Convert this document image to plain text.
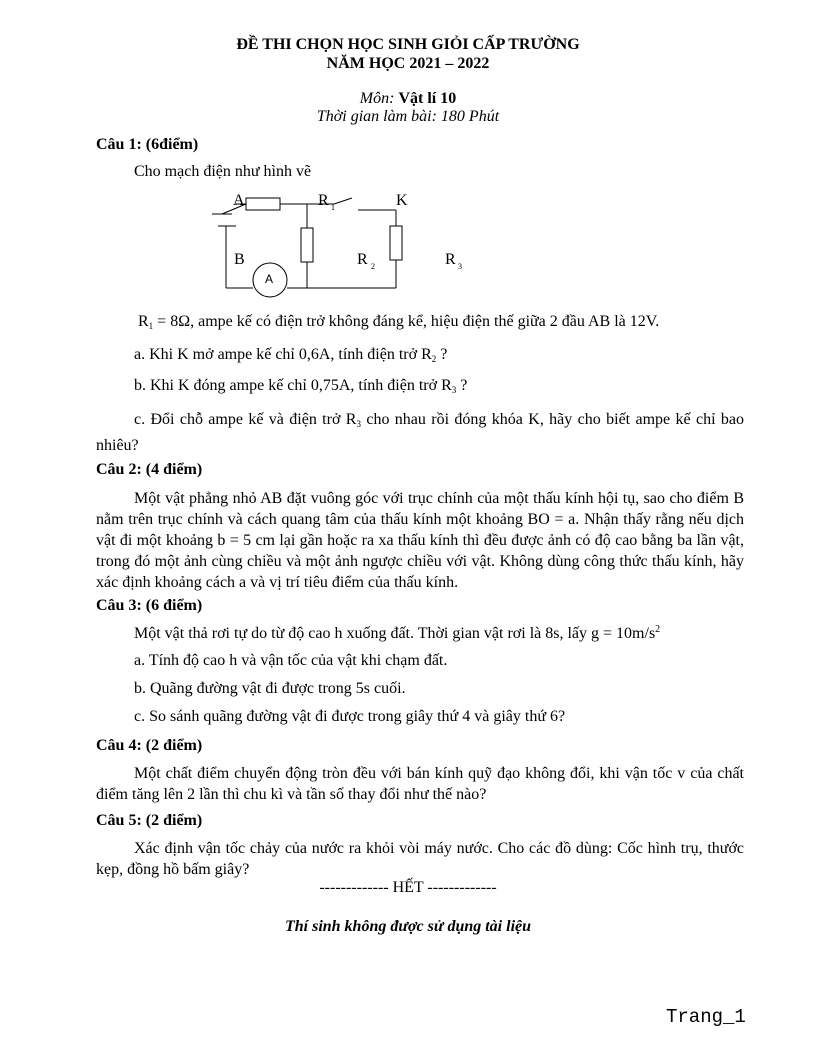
ĐỀ THI CHỌN HỌC SINH GIỎI CẤP TRƯỜNG
NĂM HỌC 2021 – 2022
Môn: Vật lí 10
Thời gian làm bài: 180 Phút
Câu 1: (6điểm)
Cho mạch điện như hình vẽ
A	R 1	K
B	R 2	R 3
A
$R_1 = 8\Omega$, ampe kế có điện trở không đáng kể, hiệu điện thế giữa 2 đầu AB là 12V.
a. Khi K mở ampe kế chỉ 0,6A, tính điện trở $R_2$ ?
b. Khi K đóng ampe kế chỉ 0,75A, tính điện trở $R_3$ ?
c. Đổi chỗ ampe kế và điện trở $R_3$ cho nhau rồi đóng khóa K, hãy cho biết ampe kế chỉ bao nhiêu?
Câu 2: (4 điểm)
Một vật phẳng nhỏ AB đặt vuông góc với trục chính của một thấu kính hội tụ, sao cho điểm B nằm trên trục chính và cách quang tâm của thấu kính một khoảng BO = a. Nhận thấy rằng nếu dịch vật đi một khoảng b = 5 cm lại gần hoặc ra xa thấu kính thì đều được ảnh có độ cao bằng ba lần vật, trong đó một ảnh cùng chiều và một ảnh ngược chiều với vật. Không dùng công thức thấu kính, hãy xác định khoảng cách a và vị trí tiêu điểm của thấu kính.
Câu 3: (6 điểm)
Một vật thả rơi tự do từ độ cao h xuống đất. Thời gian vật rơi là 8s, lấy $g = 10m/s^2$
a. Tính độ cao h và vận tốc của vật khi chạm đất.
b. Quãng đường vật đi được trong 5s cuối.
c. So sánh quãng đường vật đi được trong giây thứ 4 và giây thứ 6?
Câu 4: (2 điểm)
Một chất điểm chuyển động tròn đều với bán kính quỹ đạo không đổi, khi vận tốc v của chất điểm tăng lên 2 lần thì chu kì và tần số thay đổi như thế nào?
Câu 5: (2 điểm)
Xác định vận tốc chảy của nước ra khỏi vòi máy nước. Cho các đồ dùng: Cốc hình trụ, thước kẹp, đồng hồ bấm giây?
------------- HẾT -------------
Thí sinh không được sử dụng tài liệu
Trang_1
